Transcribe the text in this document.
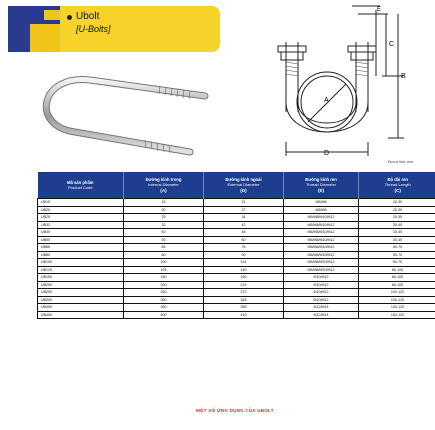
Ubolt
[U-Bolts]
E
C
B
A
D
Đơn vị tính: mm
Mã sản phẩm
Product Code	Đường kính trong
Internal Diameter
(A)	Đường kính ngoài
External Diameter
(D)	Đường kính ren
Thread Diameter
(E)	Độ dài ren
Thread Length
(C)

UB15	15	21	M6/M8	20-30
UB20	20	27	M6/M8	20-30
UB25	25	34	M6/M8/M10/M12	20-30
UB32	32	42	M6/M8/M10/M12	30-40
UB40	40	48	M6/M8/M10/M12	30-40
UB50	50	60	M6/M8/M10/M12	30-40
UB65	65	76	M6/M8/M10/M12	50-70
UB80	80	90	M6/M8/M10/M12	50-70
UB100	100	114	M6/M8/M10/M12	50-70
UB125	125	140	M6/M8/M10/M12	80-100
UB150	150	169	M10/M12	80-100
UB200	200	219	M10/M12	80-100
UB250	250	273	M10/M12	100-120
UB300	300	325	M10/M12	100-120
UB350	350	355	M12/M14	100-120
UB400	400	410	M12/M14	100-120
MỘT SỐ ỨNG DỤNG CỦA UBOLT
